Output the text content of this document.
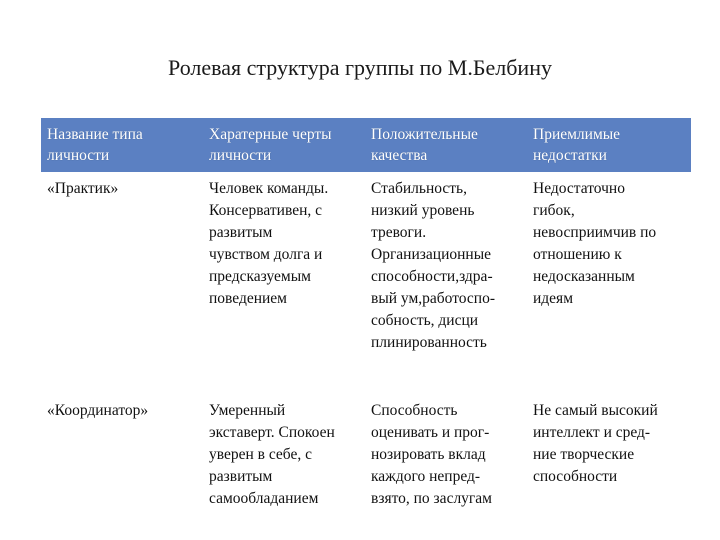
Ролевая структура группы по М.Белбину
Название типа
личности
Харатерные черты
личности
Положительные
качества
Приемлимые
недостатки
«Практик»	Человек команды.
Консервативен, с
развитым
чувством долга и
предсказуемым
поведением
Стабильность,
низкий уровень
тревоги.
Организационные
способности,здра-
вый ум,работоспо-
собность, дисци
плинированность
Недостаточно
гибок,
невосприимчив по
отношению к
недосказанным
идеям
«Координатор»	Умеренный
экставерт. Спокоен
уверен в себе, с
развитым
самообладанием
Способность
оценивать и прог-
нозировать вклад
каждого непред-
взято, по заслугам
Не самый высокий
интеллект и сред-
ние творческие
способности
